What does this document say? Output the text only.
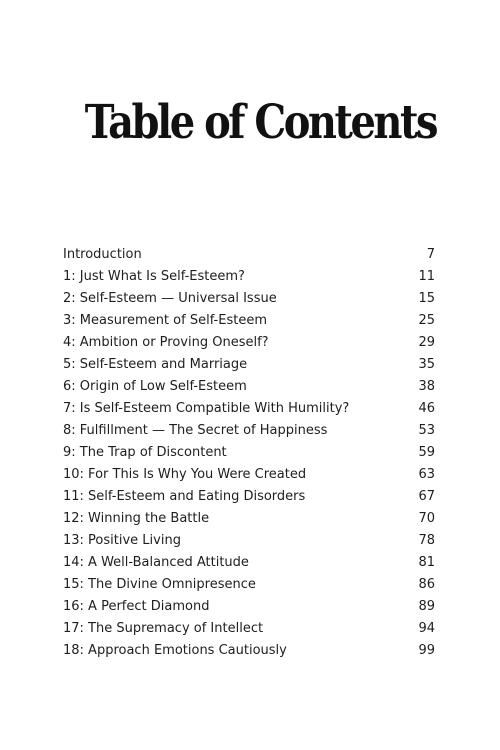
Table of Contents
Introduction	7
1: Just What Is Self-Esteem?	11
2: Self-Esteem — Universal Issue	15
3: Measurement of Self-Esteem	25
4: Ambition or Proving Oneself?	29
5: Self-Esteem and Marriage	35
6: Origin of Low Self-Esteem	38
7: Is Self-Esteem Compatible With Humility?	46
8: Fulfillment — The Secret of Happiness	53
9: The Trap of Discontent	59
10: For This Is Why You Were Created	63
11: Self-Esteem and Eating Disorders	67
12: Winning the Battle	70
13: Positive Living	78
14: A Well-Balanced Attitude	81
15: The Divine Omnipresence	86
16: A Perfect Diamond	89
17: The Supremacy of Intellect	94
18: Approach Emotions Cautiously	99
